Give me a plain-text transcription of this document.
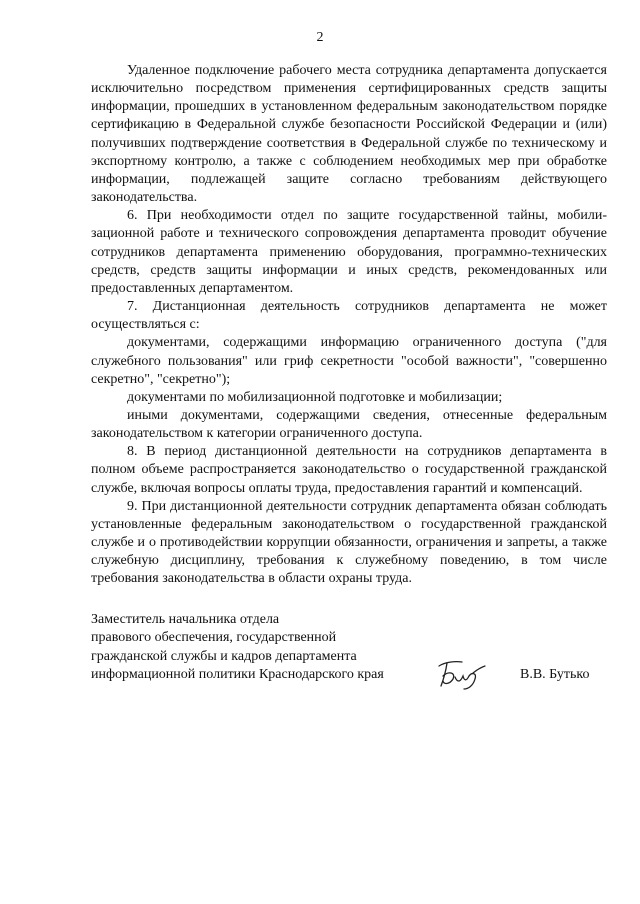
2

Удаленное подключение рабочего места сотрудника департамента допускается исключительно посредством применения сертифицированных средств защиты информации, прошедших в установленном федеральным законодательством порядке сертификацию в Федеральной службе безопасности Российской Федерации и (или) получивших подтверждение соответствия в Федеральной службе по техническому и экспортному контролю, а также с соблюдением необходимых мер при обработке информации, подлежащей защите согласно требованиям действующего законодательства.

6. При необходимости отдел по защите государственной тайны, мобилизационной работе и технического сопровождения департамента проводит обучение сотрудников департамента применению оборудования, программно-технических средств, средств защиты информации и иных средств, рекомендованных или предоставленных департаментом.

7. Дистанционная деятельность сотрудников департамента не может осуществляться с:

документами, содержащими информацию ограниченного доступа ("для служебного пользования" или гриф секретности "особой важности", "совершенно секретно", "секретно");

документами по мобилизационной подготовке и мобилизации;

иными документами, содержащими сведения, отнесенные федеральным законодательством к категории ограниченного доступа.

8. В период дистанционной деятельности на сотрудников департамента в полном объеме распространяется законодательство о государственной гражданской службе, включая вопросы оплаты труда, предоставления гарантий и компенсаций.

9. При дистанционной деятельности сотрудник департамента обязан соблюдать установленные федеральным законодательством о государственной гражданской службе и о противодействии коррупции обязанности, ограничения и запреты, а также служебную дисциплину, требования к служебному поведению, в том числе требования законодательства в области охраны труда.

Заместитель начальника отдела
правового обеспечения, государственной
гражданской службы и кадров департамента
информационной политики Краснодарского края	В.В. Бутько
